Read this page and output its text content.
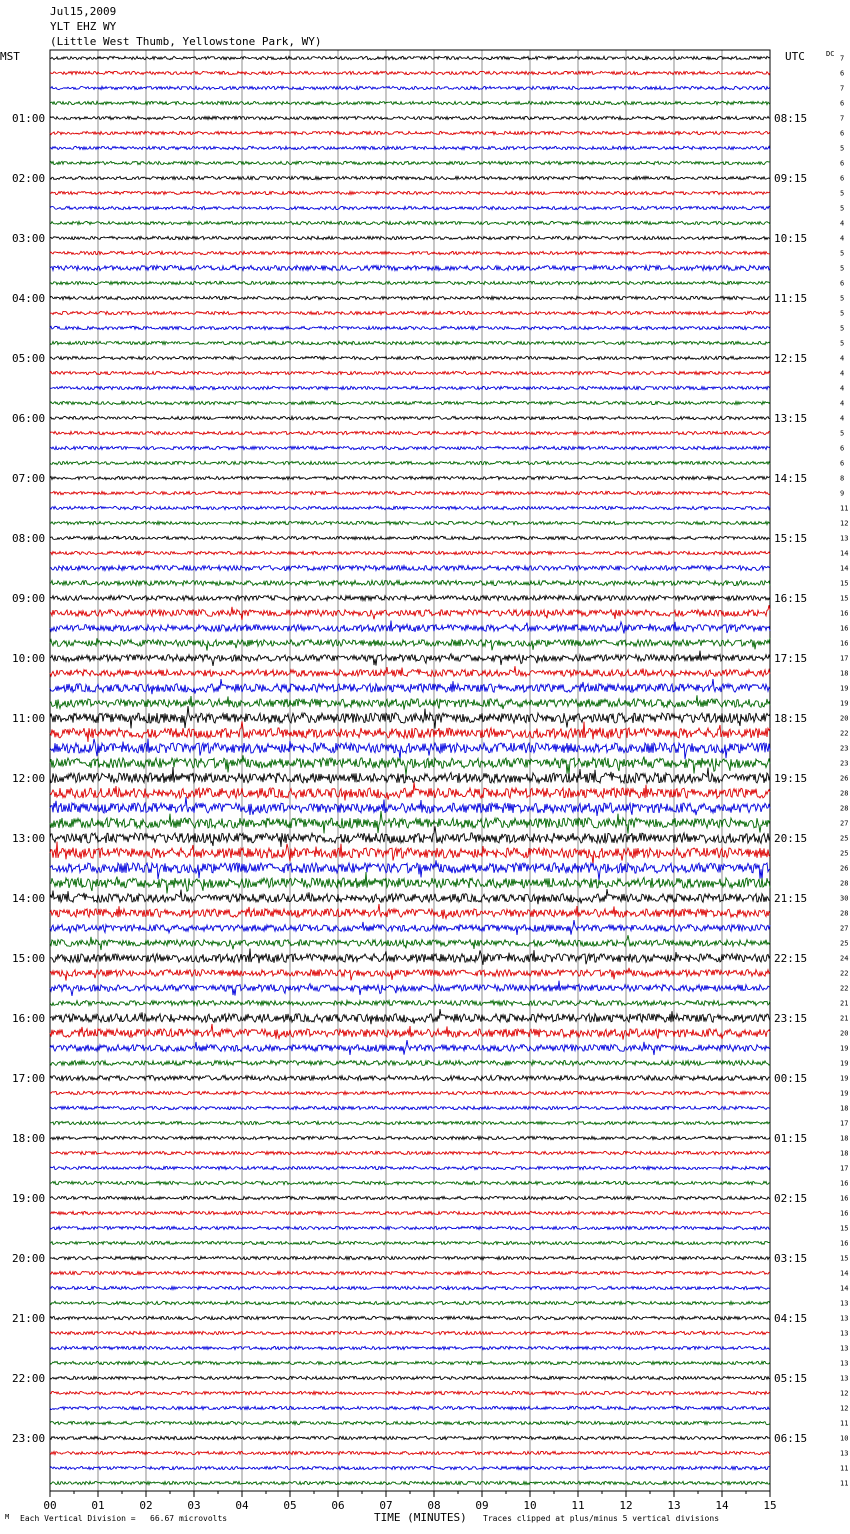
Jul15,2009
YLT EHZ WY
(Little West Thumb, Yellowstone Park, WY)
MST	UTC	DC
7
6
7
6
7
6
5
6
6
5
5
4
4
5
5
6
5
5
5
5
4
4
4
4
4
5
6
6
8
9
11
12
13
14
14
15
15
16
16
16
17
18
19
19
20
22
23
23
26
28
28
27
25
25
26
28
30
28
27
25
24
22
22
21
21
20
19
19
19
19
18
17
18
18
17
16
16
16
15
16
15
14
14
13
13
13
13
13
13
12
12
11
10
13
11
11
01:00	08:15
02:00	09:15
03:00	10:15
04:00	11:15
05:00	12:15
06:00	13:15
07:00	14:15
08:00	15:15
09:00	16:15
10:00	17:15
11:00	18:15
12:00	19:15
13:00	20:15
14:00	21:15
15:00	22:15
16:00	23:15
17:00	00:15
18:00	01:15
19:00	02:15
20:00	03:15
21:00	04:15
22:00	05:15
23:00	06:15
00	01	02	03	04	05	06	07	08	09	10	11	12	13	14	15
M Each Vertical Division =   66.67 microvolts	TIME (MINUTES) Traces clipped at plus/minus 5 vertical divisions
